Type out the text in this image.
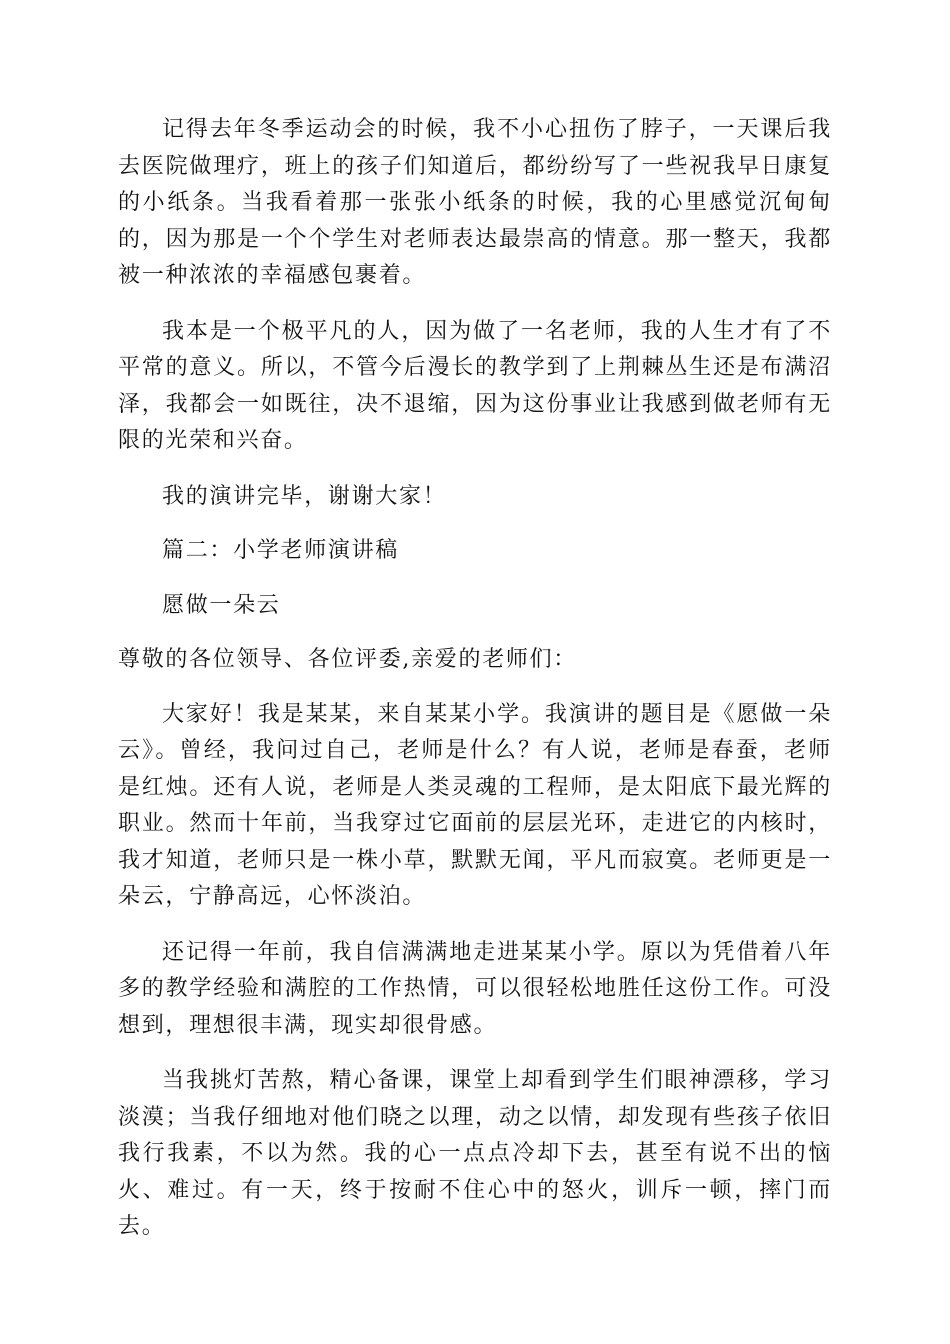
记得去年冬季运动会的时候，我不小心扭伤了脖子，一天课后我去医院做理疗，班上的孩子们知道后，都纷纷写了一些祝我早日康复的小纸条。当我看着那一张张小纸条的时候，我的心里感觉沉甸甸的，因为那是一个个学生对老师表达最崇高的情意。那一整天，我都被一种浓浓的幸福感包裹着。

我本是一个极平凡的人，因为做了一名老师，我的人生才有了不平常的意义。所以，不管今后漫长的教学到了上荆棘丛生还是布满沼泽，我都会一如既往，决不退缩，因为这份事业让我感到做老师有无限的光荣和兴奋。

我的演讲完毕，谢谢大家！

篇二：小学老师演讲稿

愿做一朵云

尊敬的各位领导、各位评委,亲爱的老师们：

大家好！我是某某，来自某某小学。我演讲的题目是《愿做一朵云》。曾经，我问过自己，老师是什么？有人说，老师是春蚕，老师是红烛。还有人说，老师是人类灵魂的工程师，是太阳底下最光辉的职业。然而十年前，当我穿过它面前的层层光环，走进它的内核时，我才知道，老师只是一株小草，默默无闻，平凡而寂寞。老师更是一朵云，宁静高远，心怀淡泊。

还记得一年前，我自信满满地走进某某小学。原以为凭借着八年多的教学经验和满腔的工作热情，可以很轻松地胜任这份工作。可没想到，理想很丰满，现实却很骨感。

当我挑灯苦熬，精心备课，课堂上却看到学生们眼神漂移，学习淡漠；当我仔细地对他们晓之以理，动之以情，却发现有些孩子依旧我行我素，不以为然。我的心一点点冷却下去，甚至有说不出的恼火、难过。有一天，终于按耐不住心中的怒火，训斥一顿，摔门而去。
